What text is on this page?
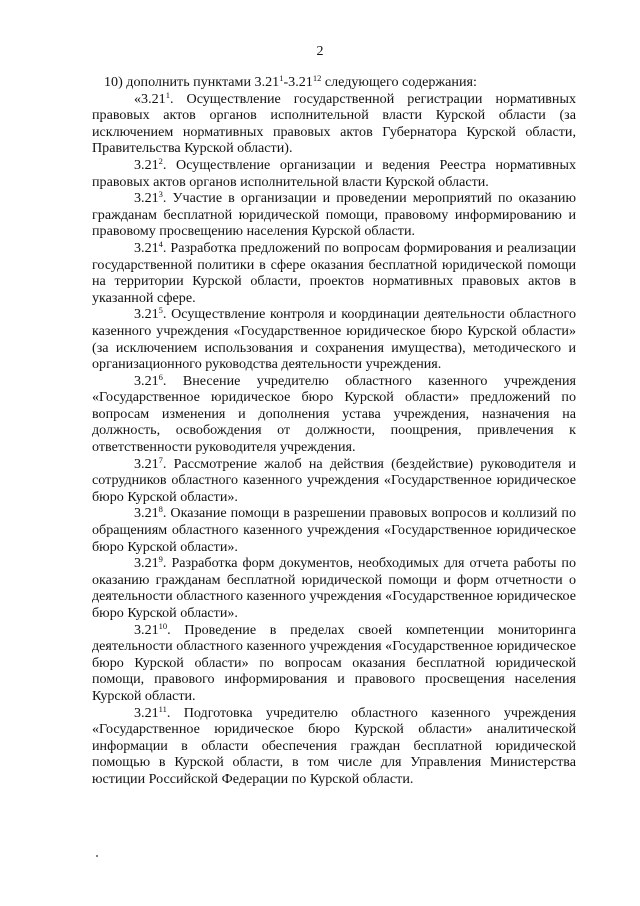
2

10) дополнить пунктами 3.21$^1$-3.21$^{12}$ следующего содержания:

«3.21$^1$. Осуществление государственной регистрации нормативных правовых актов органов исполнительной власти Курской области (за исключением нормативных правовых актов Губернатора Курской области, Правительства Курской области).

3.21$^2$. Осуществление организации и ведения Реестра нормативных правовых актов органов исполнительной власти Курской области.

3.21$^3$. Участие в организации и проведении мероприятий по оказанию гражданам бесплатной юридической помощи, правовому информированию и правовому просвещению населения Курской области.

3.21$^4$. Разработка предложений по вопросам формирования и реализации государственной политики в сфере оказания бесплатной юридической помощи на территории Курской области, проектов нормативных правовых актов в указанной сфере.

3.21$^5$. Осуществление контроля и координации деятельности областного казенного учреждения «Государственное юридическое бюро Курской области» (за исключением использования и сохранения имущества), методического и организационного руководства деятельности учреждения.

3.21$^6$. Внесение учредителю областного казенного учреждения «Государственное юридическое бюро Курской области» предложений по вопросам изменения и дополнения устава учреждения, назначения на должность, освобождения от должности, поощрения, привлечения к ответственности руководителя учреждения.

3.21$^7$. Рассмотрение жалоб на действия (бездействие) руководителя и сотрудников областного казенного учреждения «Государственное юридическое бюро Курской области».

3.21$^8$. Оказание помощи в разрешении правовых вопросов и коллизий по обращениям областного казенного учреждения «Государственное юридическое бюро Курской области».

3.21$^9$. Разработка форм документов, необходимых для отчета работы по оказанию гражданам бесплатной юридической помощи и форм отчетности о деятельности областного казенного учреждения «Государственное юридическое бюро Курской области».

3.21$^{10}$. Проведение в пределах своей компетенции мониторинга деятельности областного казенного учреждения «Государственное юридическое бюро Курской области» по вопросам оказания бесплатной юридической помощи, правового информирования и правового просвещения населения Курской области.

3.21$^{11}$. Подготовка учредителю областного казенного учреждения «Государственное юридическое бюро Курской области» аналитической информации в области обеспечения граждан бесплатной юридической помощью в Курской области, в том числе для Управления Министерства юстиции Российской Федерации по Курской области.
